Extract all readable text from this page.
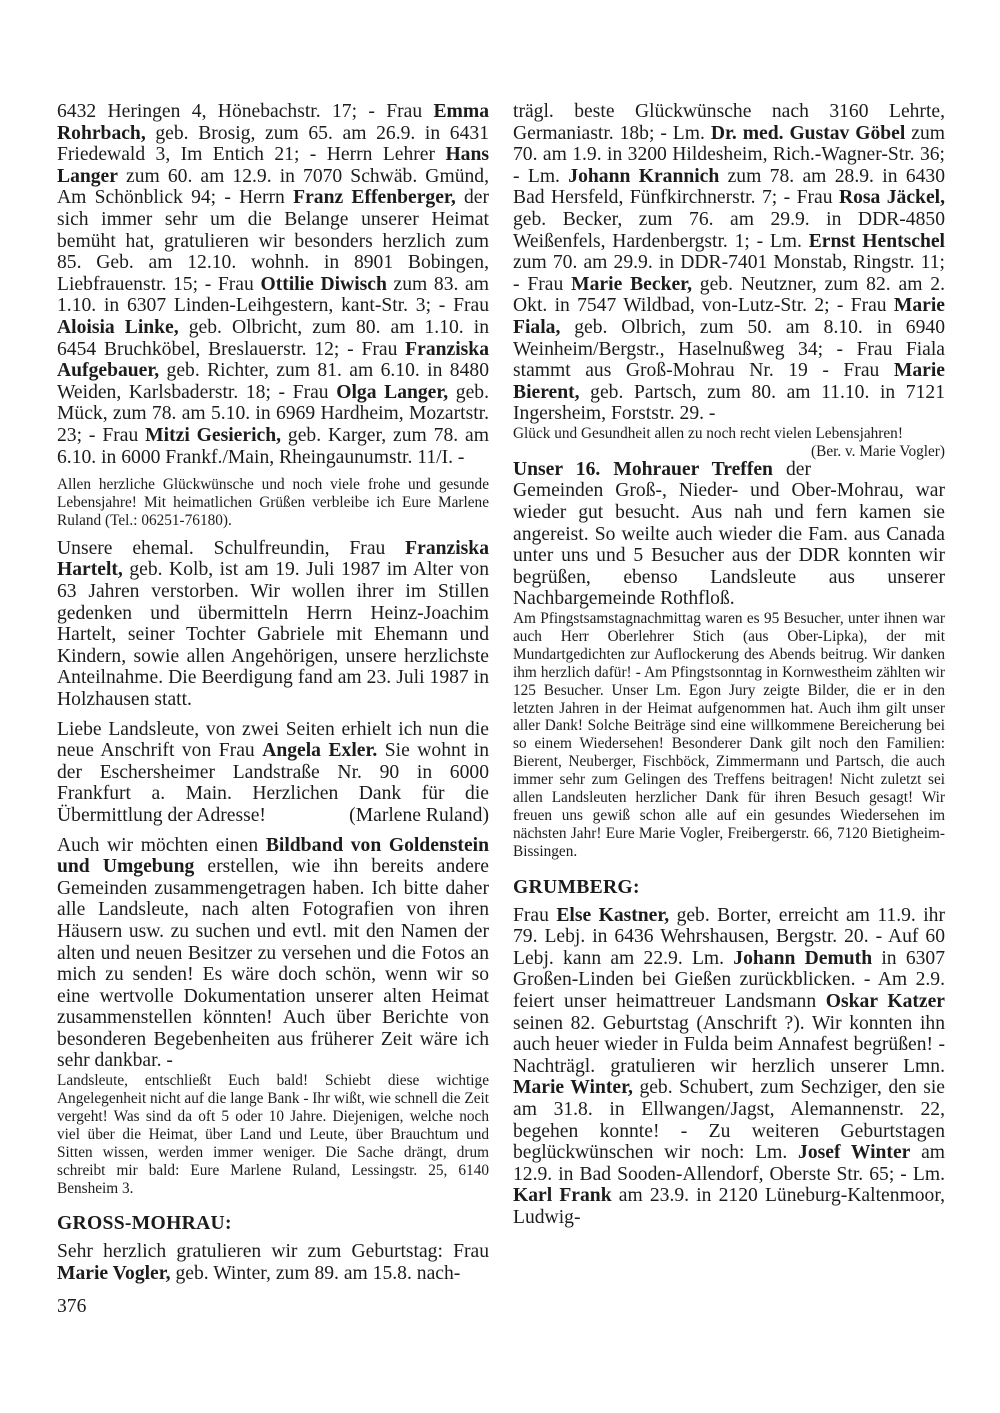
6432 Heringen 4, Hönebachstr. 17; - Frau Emma Rohrbach, geb. Brosig, zum 65. am 26.9. in 6431 Friedewald 3, Im Entich 21; - Herrn Lehrer Hans Langer zum 60. am 12.9. in 7070 Schwäb. Gmünd, Am Schönblick 94; - Herrn Franz Effenberger, der sich immer sehr um die Belange unserer Heimat bemüht hat, gratulieren wir besonders herzlich zum 85. Geb. am 12.10. wohnh. in 8901 Bobingen, Liebfrauenstr. 15; - Frau Ottilie Diwisch zum 83. am 1.10. in 6307 Linden-Leihgestern, kant-Str. 3; - Frau Aloisia Linke, geb. Olbricht, zum 80. am 1.10. in 6454 Bruchköbel, Breslauerstr. 12; - Frau Franziska Aufgebauer, geb. Richter, zum 81. am 6.10. in 8480 Weiden, Karlsbaderstr. 18; - Frau Olga Langer, geb. Mück, zum 78. am 5.10. in 6969 Hardheim, Mozartstr. 23; - Frau Mitzi Gesierich, geb. Karger, zum 78. am 6.10. in 6000 Frankf./Main, Rheingaunumstr. 11/I. -

Allen herzliche Glückwünsche und noch viele frohe und gesunde Lebensjahre! Mit heimatlichen Grüßen verbleibe ich Eure Marlene Ruland (Tel.: 06251-76180).

Unsere ehemal. Schulfreundin, Frau Franziska Hartelt, geb. Kolb, ist am 19. Juli 1987 im Alter von 63 Jahren verstorben. Wir wollen ihrer im Stillen gedenken und übermitteln Herrn Heinz-Joachim Hartelt, seiner Tochter Gabriele mit Ehemann und Kindern, sowie allen Angehörigen, unsere herzlichste Anteilnahme. Die Beerdigung fand am 23. Juli 1987 in Holzhausen statt.

Liebe Landsleute, von zwei Seiten erhielt ich nun die neue Anschrift von Frau Angela Exler. Sie wohnt in der Eschersheimer Landstraße Nr. 90 in 6000 Frankfurt a. Main. Herzlichen Dank für die Übermittlung der Adresse!	(Marlene Ruland)

Auch wir möchten einen Bildband von Goldenstein und Umgebung erstellen, wie ihn bereits andere Gemeinden zusammengetragen haben. Ich bitte daher alle Landsleute, nach alten Fotografien von ihren Häusern usw. zu suchen und evtl. mit den Namen der alten und neuen Besitzer zu versehen und die Fotos an mich zu senden! Es wäre doch schön, wenn wir so eine wertvolle Dokumentation unserer alten Heimat zusammenstellen könnten! Auch über Berichte von besonderen Begebenheiten aus früherer Zeit wäre ich sehr dankbar. -

Landsleute, entschließt Euch bald! Schiebt diese wichtige Angelegenheit nicht auf die lange Bank - Ihr wißt, wie schnell die Zeit vergeht! Was sind da oft 5 oder 10 Jahre. Diejenigen, welche noch viel über die Heimat, über Land und Leute, über Brauchtum und Sitten wissen, werden immer weniger. Die Sache drängt, drum schreibt mir bald: Eure Marlene Ruland, Lessingstr. 25, 6140 Bensheim 3.

GROSS-MOHRAU:

Sehr herzlich gratulieren wir zum Geburtstag: Frau Marie Vogler, geb. Winter, zum 89. am 15.8. nach-

trägl. beste Glückwünsche nach 3160 Lehrte, Germaniastr. 18b; - Lm. Dr. med. Gustav Göbel zum 70. am 1.9. in 3200 Hildesheim, Rich.-Wagner-Str. 36; - Lm. Johann Krannich zum 78. am 28.9. in 6430 Bad Hersfeld, Fünfkirchnerstr. 7; - Frau Rosa Jäckel, geb. Becker, zum 76. am 29.9. in DDR-4850 Weißenfels, Hardenbergstr. 1; - Lm. Ernst Hentschel zum 70. am 29.9. in DDR-7401 Monstab, Ringstr. 11; - Frau Marie Becker, geb. Neutzner, zum 82. am 2. Okt. in 7547 Wildbad, von-Lutz-Str. 2; - Frau Marie Fiala, geb. Olbrich, zum 50. am 8.10. in 6940 Weinheim/Bergstr., Haselnußweg 34; - Frau Fiala stammt aus Groß-Mohrau Nr. 19 - Frau Marie Bierent, geb. Partsch, zum 80. am 11.10. in 7121 Ingersheim, Forststr. 29. -

Glück und Gesundheit allen zu noch recht vielen Lebensjahren!
(Ber. v. Marie Vogler)

Unser 16. Mohrauer Treffen der Gemeinden Groß-, Nieder- und Ober-Mohrau, war wieder gut besucht. Aus nah und fern kamen sie angereist. So weilte auch wieder die Fam. aus Canada unter uns und 5 Besucher aus der DDR konnten wir begrüßen, ebenso Landsleute aus unserer Nachbargemeinde Rothfloß.

Am Pfingstsamstagnachmittag waren es 95 Besucher, unter ihnen war auch Herr Oberlehrer Stich (aus Ober-Lipka), der mit Mundartgedichten zur Auflockerung des Abends beitrug. Wir danken ihm herzlich dafür! - Am Pfingstsonntag in Kornwestheim zählten wir 125 Besucher. Unser Lm. Egon Jury zeigte Bilder, die er in den letzten Jahren in der Heimat aufgenommen hat. Auch ihm gilt unser aller Dank! Solche Beiträge sind eine willkommene Bereicherung bei so einem Wiedersehen! Besonderer Dank gilt noch den Familien: Bierent, Neuberger, Fischböck, Zimmermann und Partsch, die auch immer sehr zum Gelingen des Treffens beitragen! Nicht zuletzt sei allen Landsleuten herzlicher Dank für ihren Besuch gesagt! Wir freuen uns gewiß schon alle auf ein gesundes Wiedersehen im nächsten Jahr! Eure Marie Vogler, Freibergerstr. 66, 7120 Bietigheim-Bissingen.

GRUMBERG:

Frau Else Kastner, geb. Borter, erreicht am 11.9. ihr 79. Lebj. in 6436 Wehrshausen, Bergstr. 20. - Auf 60 Lebj. kann am 22.9. Lm. Johann Demuth in 6307 Großen-Linden bei Gießen zurückblicken. - Am 2.9. feiert unser heimattreuer Landsmann Oskar Katzer seinen 82. Geburtstag (Anschrift ?). Wir konnten ihn auch heuer wieder in Fulda beim Annafest begrüßen! - Nachträgl. gratulieren wir herzlich unserer Lmn. Marie Winter, geb. Schubert, zum Sechziger, den sie am 31.8. in Ellwangen/Jagst, Alemannenstr. 22, begehen konnte! - Zu weiteren Geburtstagen beglückwünschen wir noch: Lm. Josef Winter am 12.9. in Bad Sooden-Allendorf, Oberste Str. 65; - Lm. Karl Frank am 23.9. in 2120 Lüneburg-Kaltenmoor, Ludwig-

376
